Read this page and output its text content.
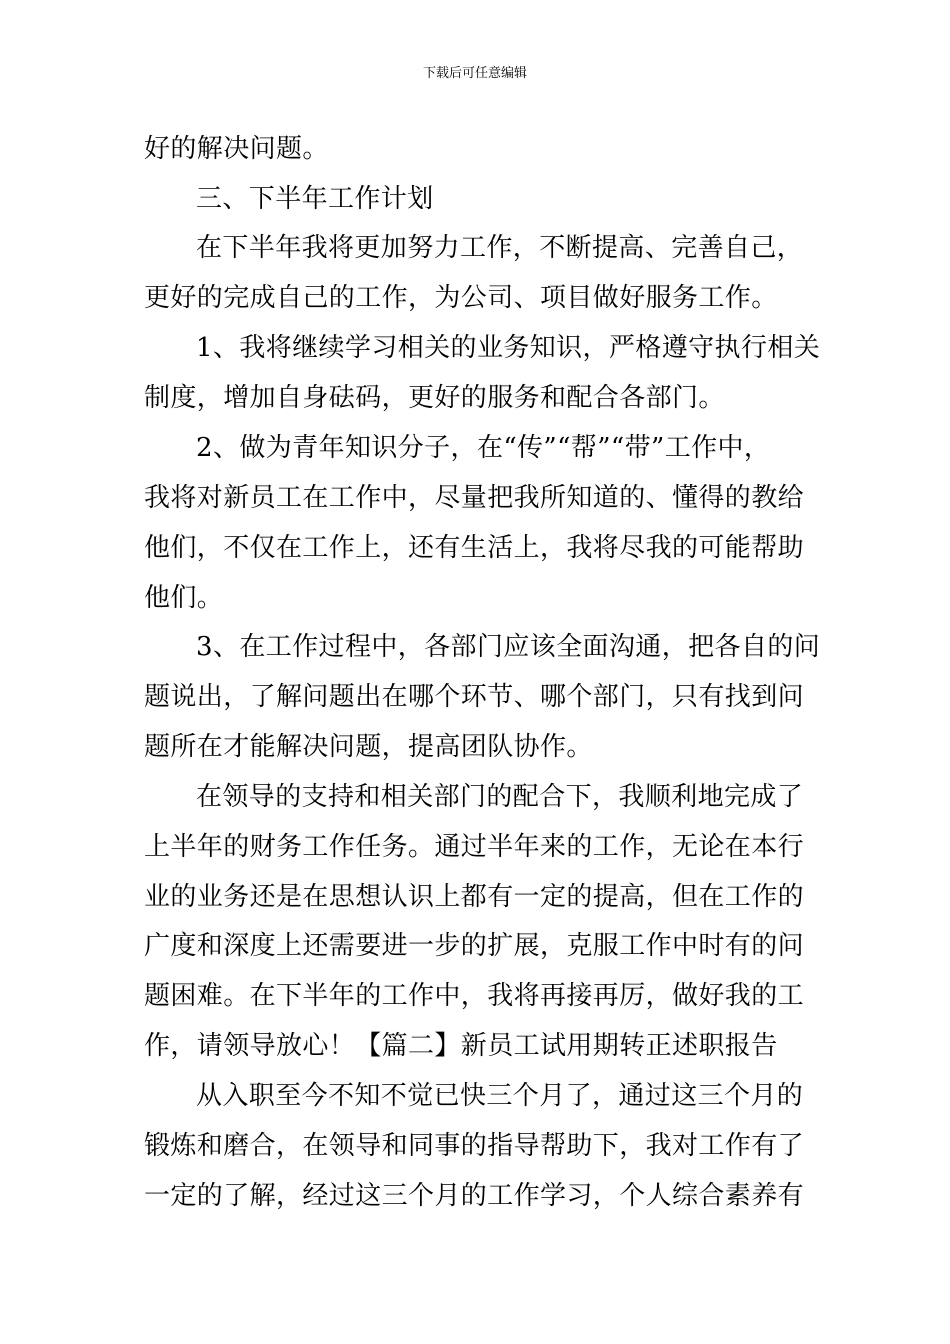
下载后可任意编辑
好的解决问题。
三、下半年工作计划
在下半年我将更加努力工作，不断提高、完善自己，
更好的完成自己的工作，为公司、项目做好服务工作。
1、我将继续学习相关的业务知识，严格遵守执行相关
制度，增加自身砝码，更好的服务和配合各部门。
2、做为青年知识分子，在“传”“帮”“带”工作中，
我将对新员工在工作中，尽量把我所知道的、懂得的教给
他们，不仅在工作上，还有生活上，我将尽我的可能帮助
他们。
3、在工作过程中，各部门应该全面沟通，把各自的问
题说出，了解问题出在哪个环节、哪个部门，只有找到问
题所在才能解决问题，提高团队协作。
在领导的支持和相关部门的配合下，我顺利地完成了
上半年的财务工作任务。通过半年来的工作，无论在本行
业的业务还是在思想认识上都有一定的提高，但在工作的
广度和深度上还需要进一步的扩展，克服工作中时有的问
题困难。在下半年的工作中，我将再接再厉，做好我的工
作，请领导放心！【篇二】新员工试用期转正述职报告
从入职至今不知不觉已快三个月了，通过这三个月的
锻炼和磨合，在领导和同事的指导帮助下，我对工作有了
一定的了解，经过这三个月的工作学习，个人综合素养有
